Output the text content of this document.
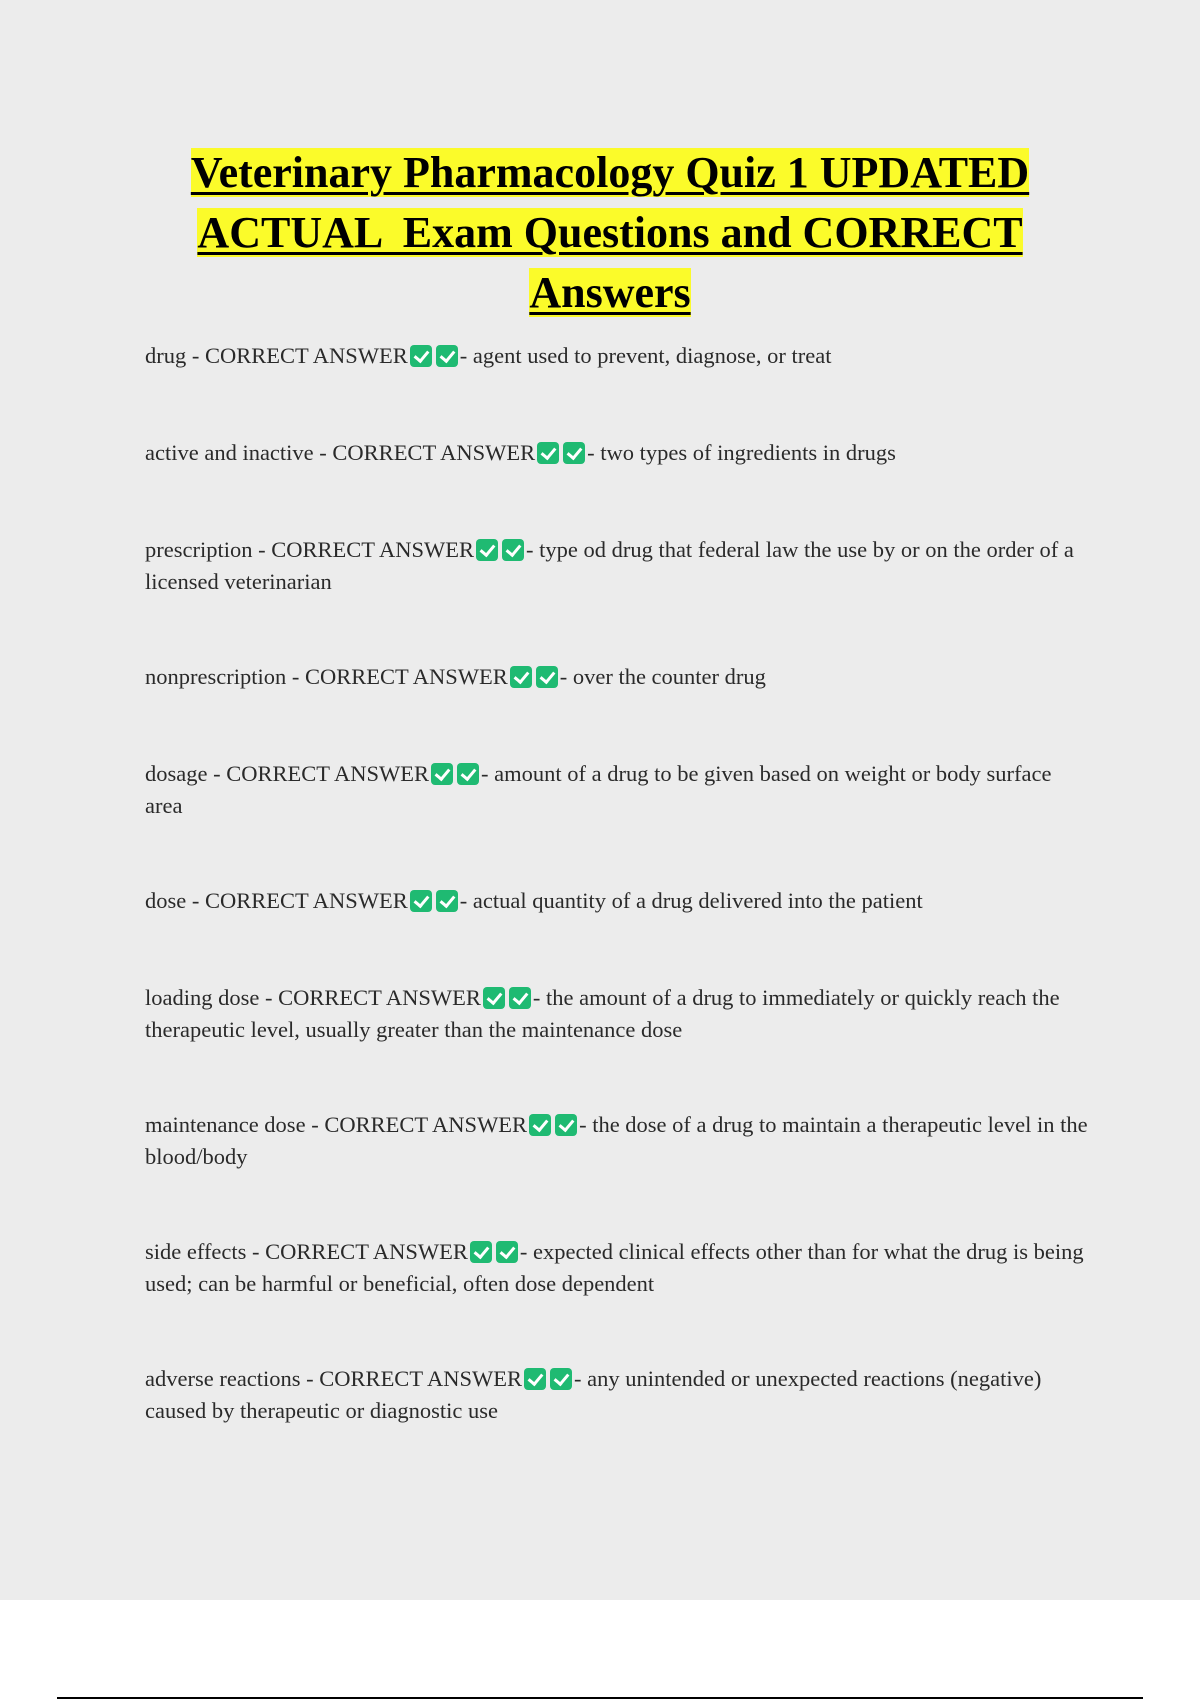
Veterinary Pharmacology Quiz 1 UPDATED
ACTUAL  Exam Questions and CORRECT
Answers
drug - CORRECT ANSWER - agent used to prevent, diagnose, or treat
active and inactive - CORRECT ANSWER - two types of ingredients in drugs
prescription - CORRECT ANSWER - type od drug that federal law the use by or on the order of a licensed veterinarian
nonprescription - CORRECT ANSWER - over the counter drug
dosage - CORRECT ANSWER - amount of a drug to be given based on weight or body surface area
dose - CORRECT ANSWER - actual quantity of a drug delivered into the patient
loading dose - CORRECT ANSWER - the amount of a drug to immediately or quickly reach the therapeutic level, usually greater than the maintenance dose
maintenance dose - CORRECT ANSWER - the dose of a drug to maintain a therapeutic level in the blood/body
side effects - CORRECT ANSWER - expected clinical effects other than for what the drug is being used; can be harmful or beneficial, often dose dependent
adverse reactions - CORRECT ANSWER - any unintended or unexpected reactions (negative) caused by therapeutic or diagnostic use
